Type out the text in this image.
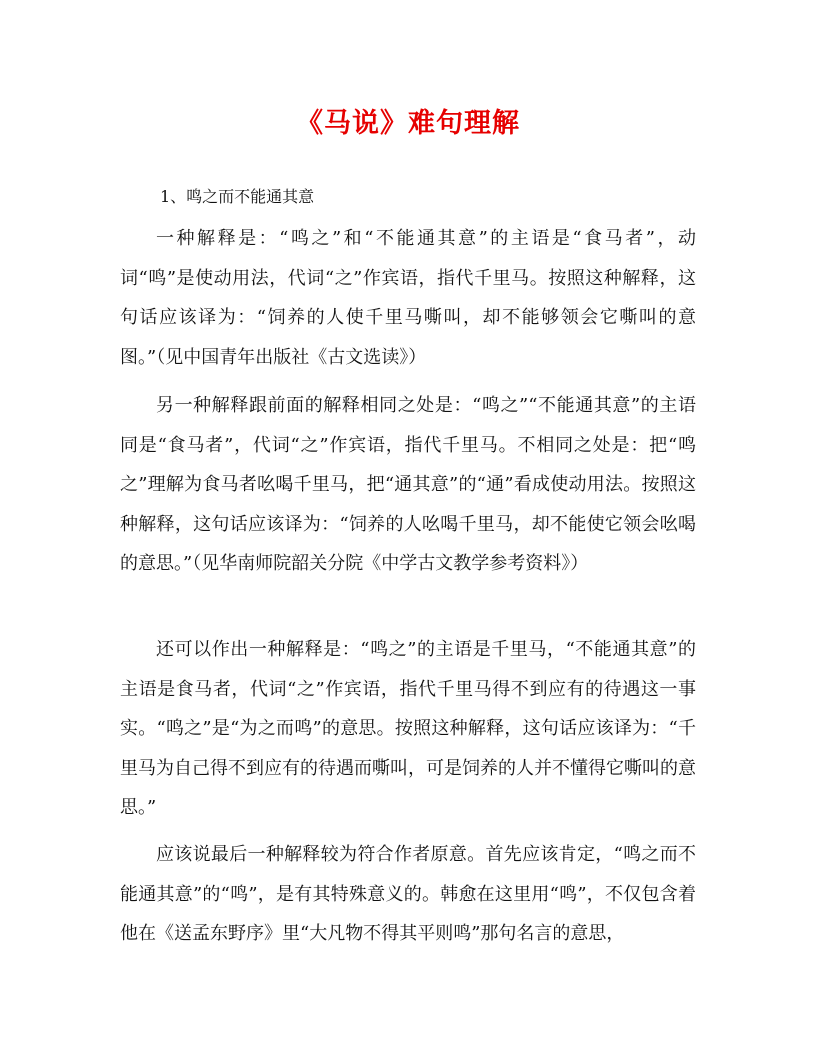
《马说》难句理解

1、鸣之而不能通其意

一种解释是：“鸣之”和“不能通其意”的主语是“食马者”，动词“鸣”是使动用法，代词“之”作宾语，指代千里马。按照这种解释，这句话应该译为：“饲养的人使千里马嘶叫，却不能够领会它嘶叫的意图。”（见中国青年出版社《古文选读》）

另一种解释跟前面的解释相同之处是：“鸣之”“不能通其意”的主语同是“食马者”，代词“之”作宾语，指代千里马。不相同之处是：把“鸣之”理解为食马者吆喝千里马，把“通其意”的“通”看成使动用法。按照这种解释，这句话应该译为：“饲养的人吆喝千里马，却不能使它领会吆喝的意思。”（见华南师院韶关分院《中学古文教学参考资料》）

还可以作出一种解释是：“鸣之”的主语是千里马，“不能通其意”的主语是食马者，代词“之”作宾语，指代千里马得不到应有的待遇这一事实。“鸣之”是“为之而鸣”的意思。按照这种解释，这句话应该译为：“千里马为自己得不到应有的待遇而嘶叫，可是饲养的人并不懂得它嘶叫的意思。”

应该说最后一种解释较为符合作者原意。首先应该肯定，“鸣之而不能通其意”的“鸣”，是有其特殊意义的。韩愈在这里用“鸣”，不仅包含着他在《送孟东野序》里“大凡物不得其平则鸣”那句名言的意思，
